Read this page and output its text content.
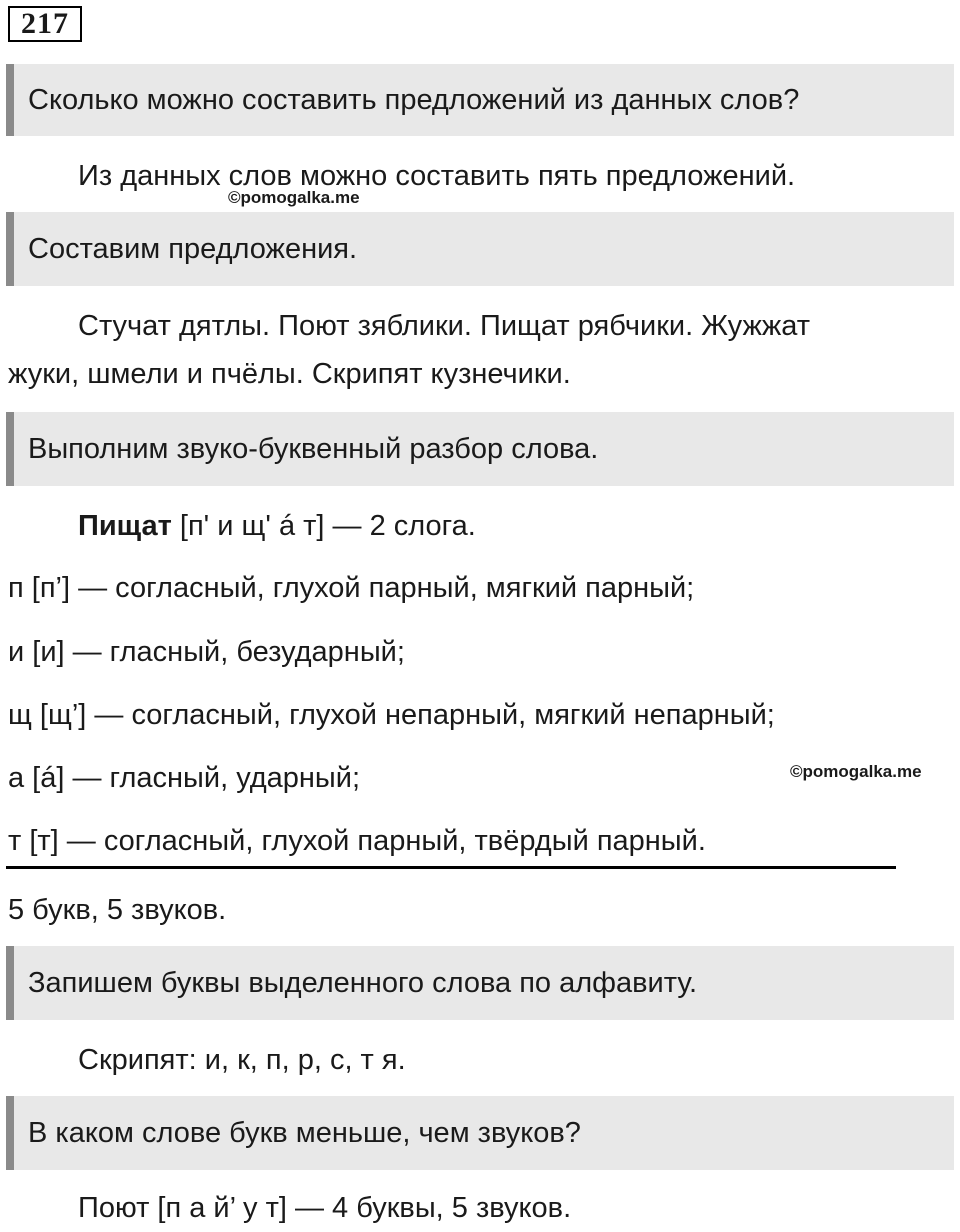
217
Сколько можно составить предложений из данных слов?
Из данных слов можно составить пять предложений.
©pomogalka.me
Составим предложения.
Стучат дятлы. Поют зяблики. Пищат рябчики. Жужжат
жуки, шмели и пчёлы. Скрипят кузнечики.
Выполним звуко-буквенный разбор слова.
Пищат [п' и щ' á т] — 2 слога.
п [п’] — согласный, глухой парный, мягкий парный;
и [и] — гласный, безударный;
щ [щ’] — согласный, глухой непарный, мягкий непарный;
а [á] — гласный, ударный;	©pomogalka.me
т [т] — согласный, глухой парный, твёрдый парный.
5 букв, 5 звуков.
Запишем буквы выделенного слова по алфавиту.
Скрипят: и, к, п, р, с, т я.
В каком слове букв меньше, чем звуков?
Поют [п а й’ у т] — 4 буквы, 5 звуков.
